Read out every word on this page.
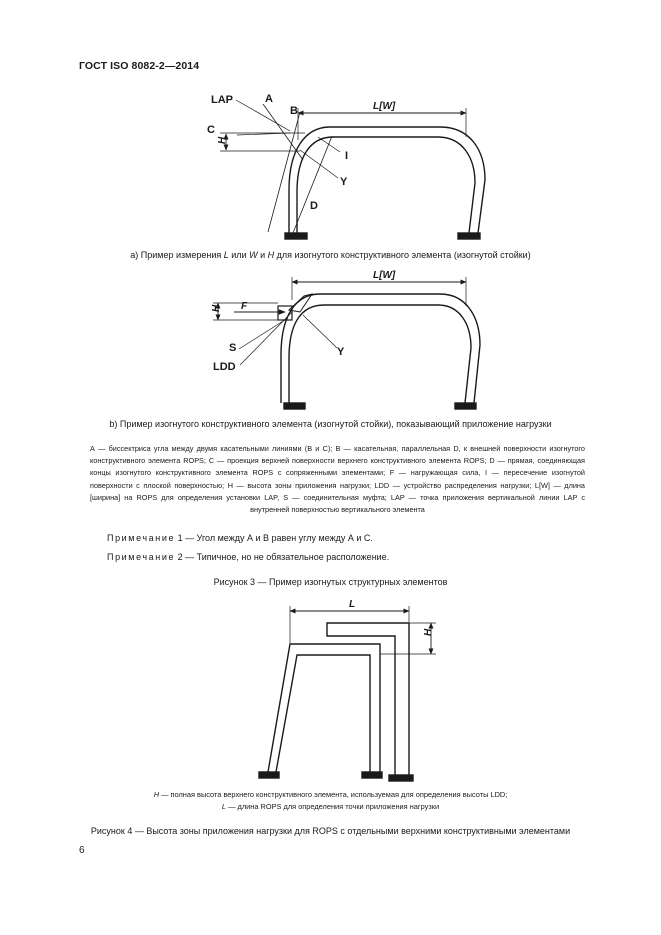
ГОСТ ISO 8082-2—2014
LAP	A
B
C
H
L[W]
I
Y
D
L[W]
H F
S
LDD
Y
L
H
а) Пример измерения L или W и H для изогнутого конструктивного элемента (изогнутой стойки)
b) Пример изогнутого конструктивного элемента (изогнутой стойки), показывающий приложение нагрузки
А — биссектриса угла между двумя касательными линиями (В и С); В — касательная, параллельная D, к внешней поверхности изогнутого конструктивного элемента ROPS; С — проекция верхней поверхности верхнего конструктивного элемента ROPS; D — прямая, соединяющая концы изогнутого конструктивного элемента ROPS с сопряженными элементами; F — нагружающая сила, I — пересечение изогнутой поверхности с плоской поверхностью; H — высота зоны приложения нагрузки; LDD — устройство распределения нагрузки; L[W] — длина [ширина] на ROPS для определения установки LAP, S — соединительная муфта; LAP — точка приложения вертикальной линии LAP с внутренней поверхностью вертикального элемента
Примечание 1 — Угол между А и В равен углу между А и С.
Примечание 2 — Типичное, но не обязательное расположение.
Рисунок 3 — Пример изогнутых структурных элементов
H — полная высота верхнего конструктивного элемента, используемая для определения высоты LDD;
L — длина ROPS для определения точки приложения нагрузки
Рисунок 4 — Высота зоны приложения нагрузки для ROPS с отдельными верхними конструктивными элементами
6
